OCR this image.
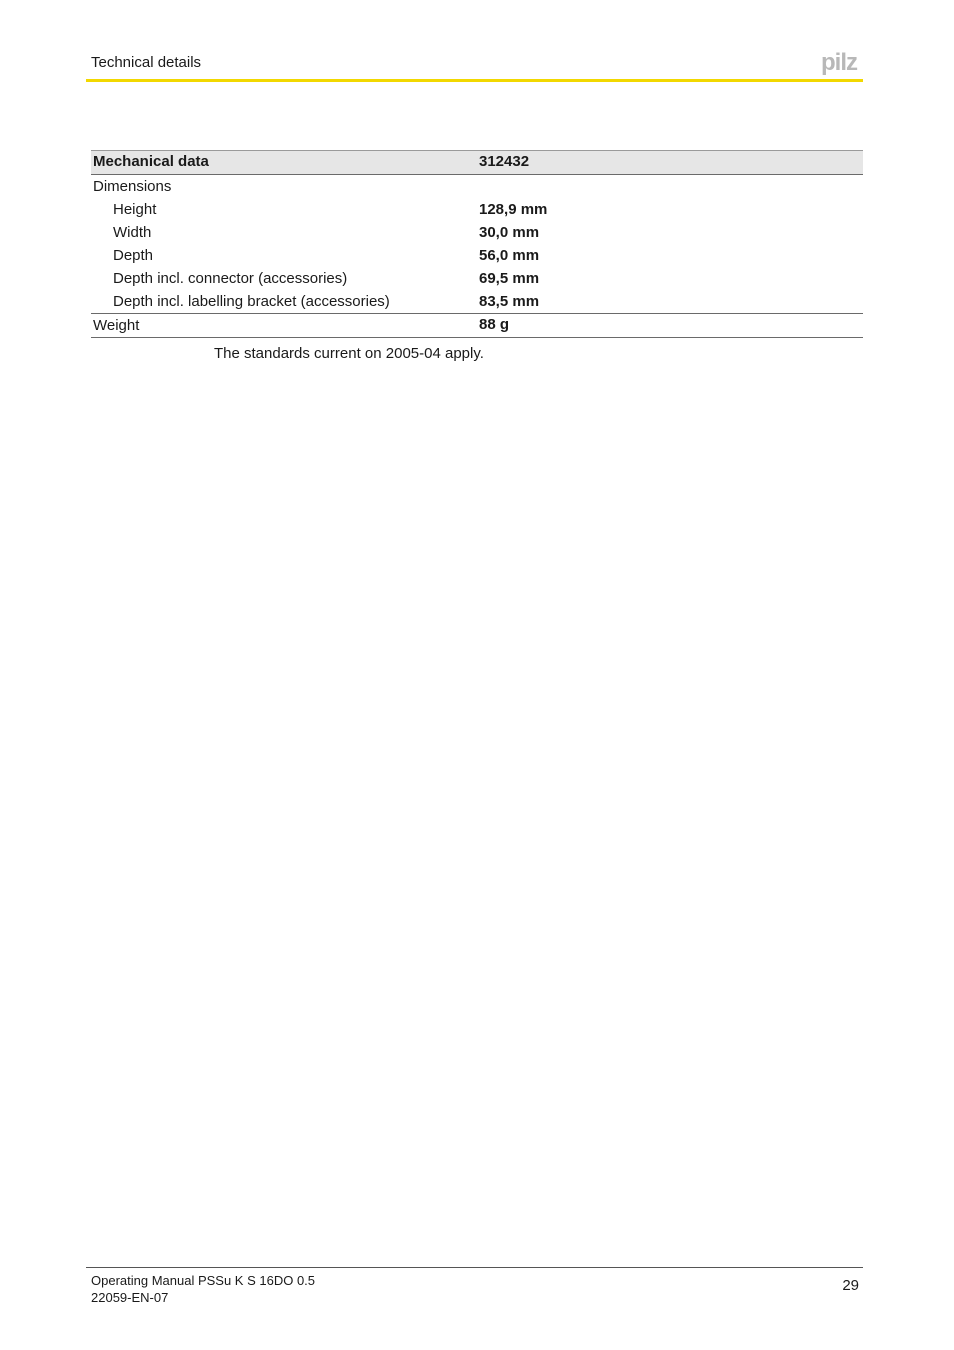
Technical details	pilz
Mechanical data	312432
Dimensions
Height	128,9 mm
Width	30,0 mm
Depth	56,0 mm
Depth incl. connector (accessories)	69,5 mm
Depth incl. labelling bracket (accessories)	83,5 mm
Weight	88 g
The standards current on 2005-04 apply.
Operating Manual PSSu K S 16DO 0.5
22059-EN-07
29
